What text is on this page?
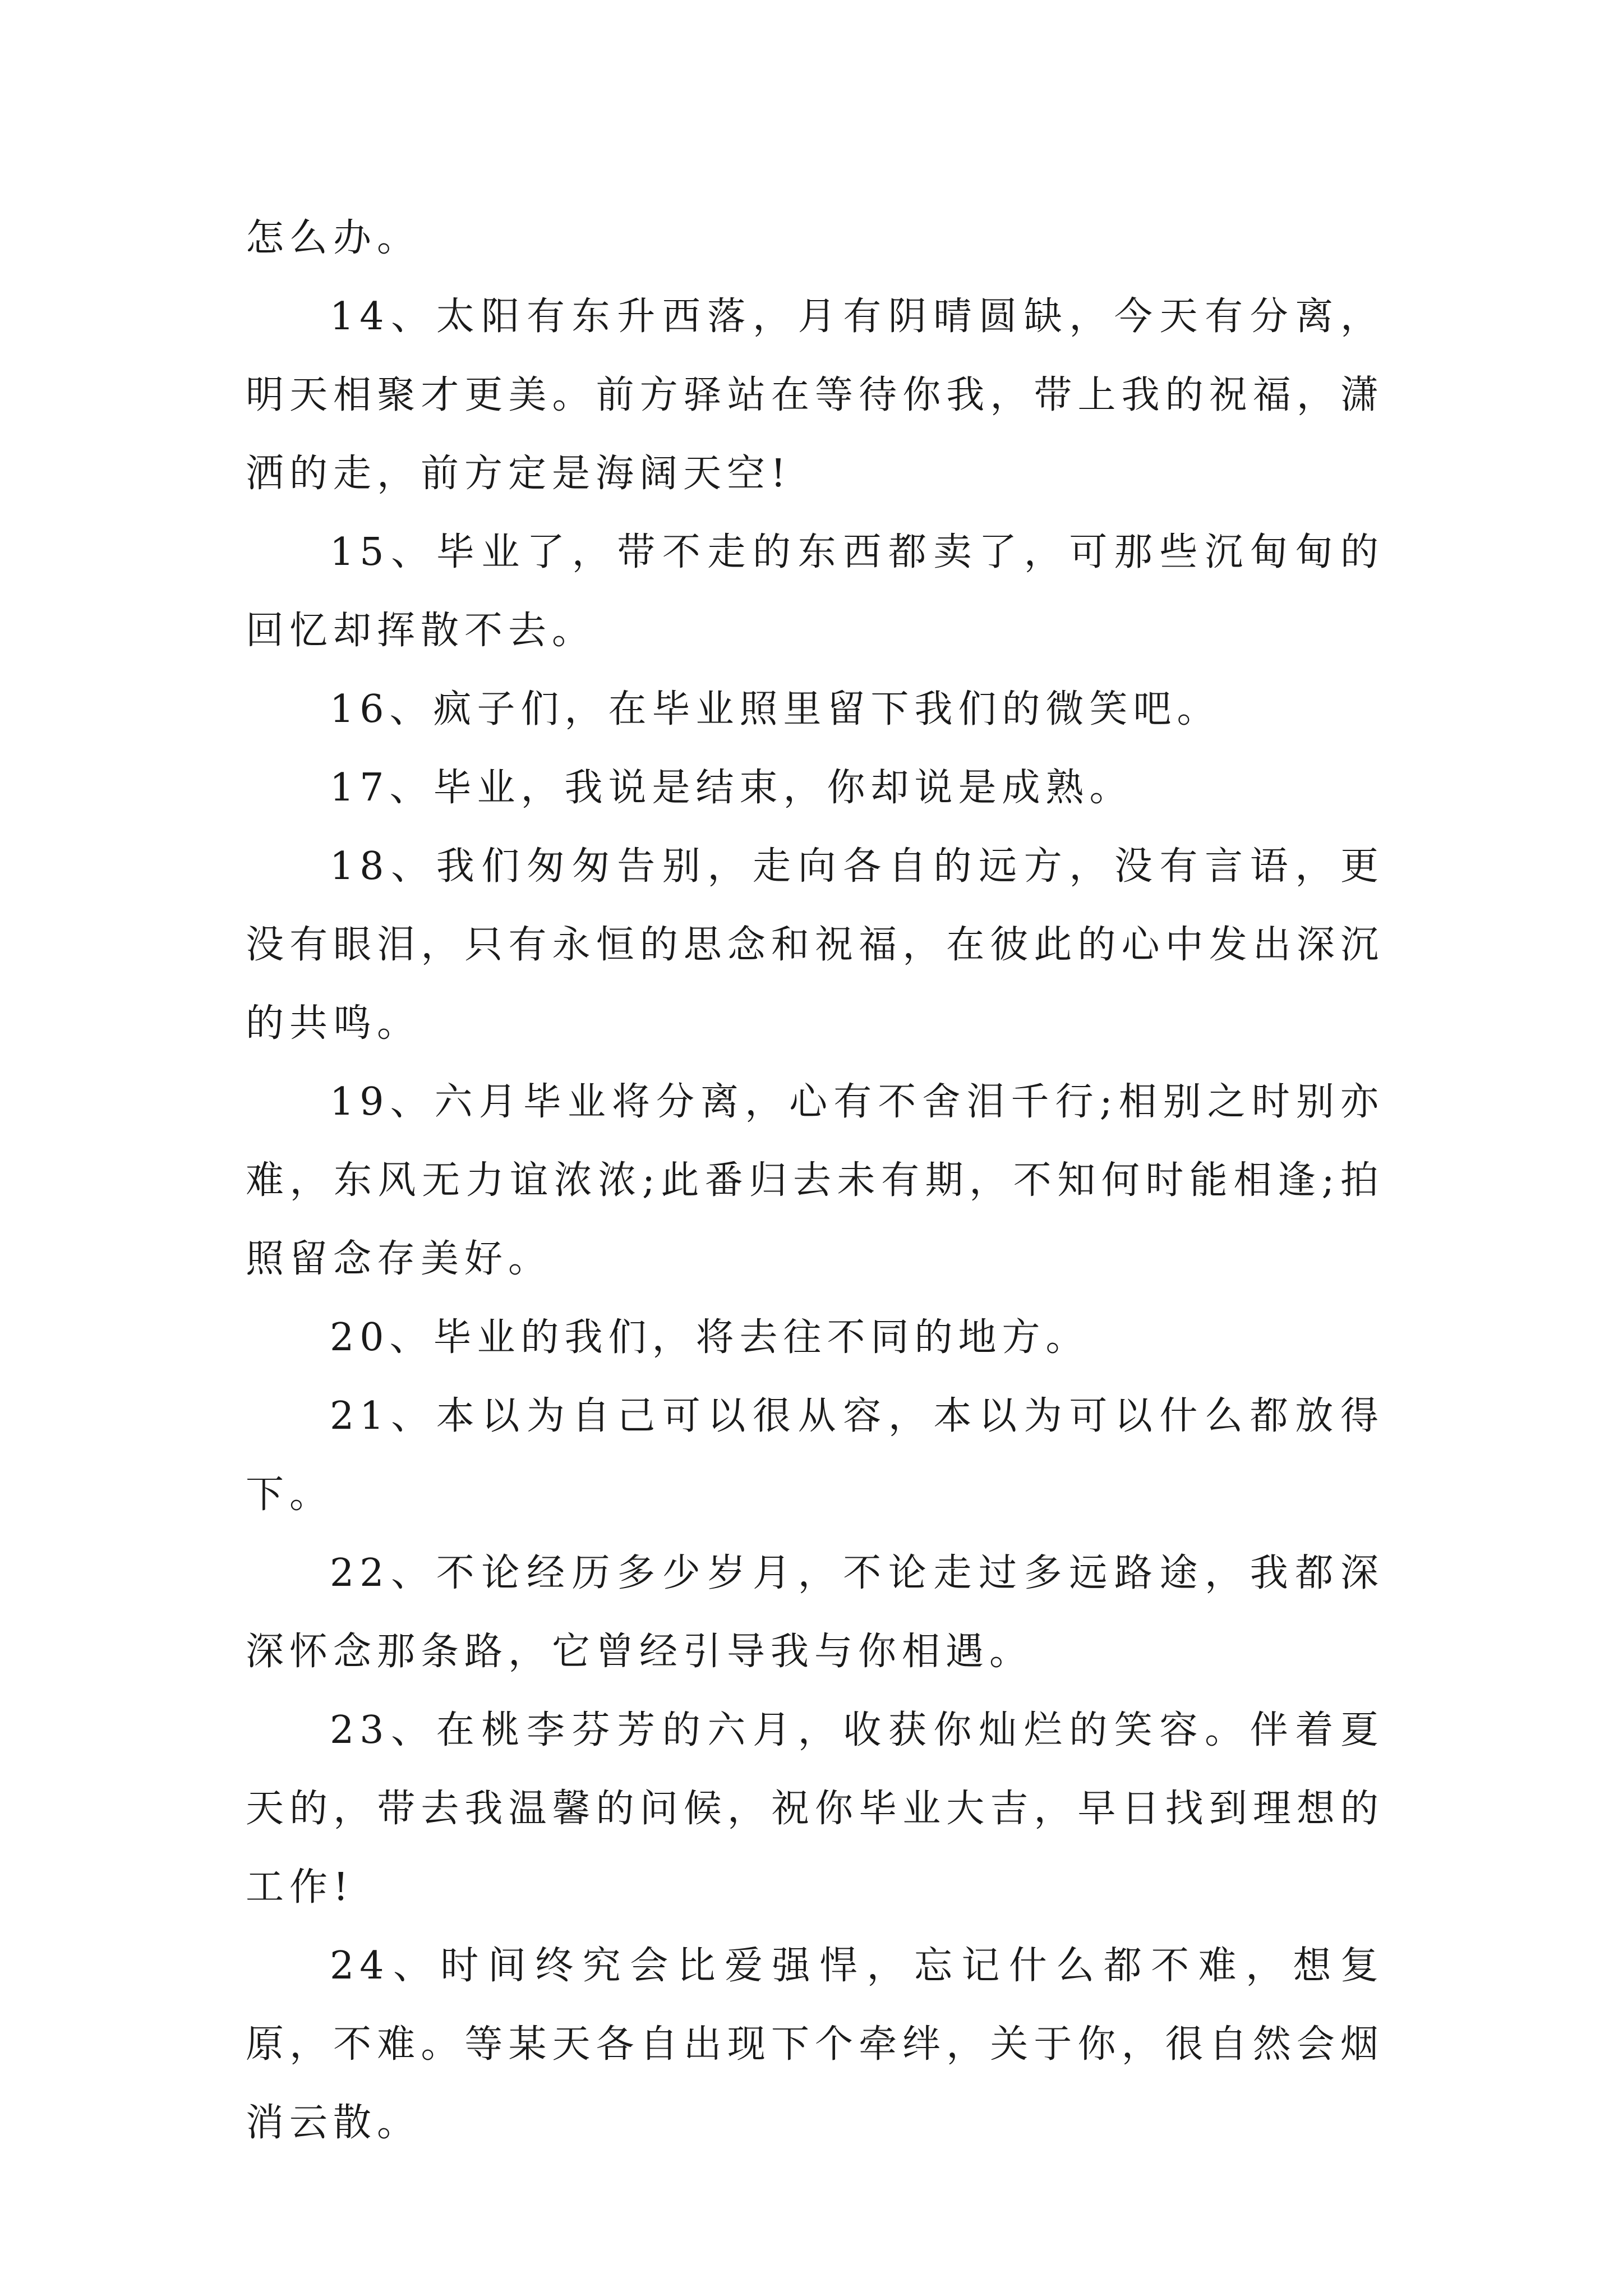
怎么办。

14、太阳有东升西落，月有阴晴圆缺，今天有分离，明天相聚才更美。前方驿站在等待你我，带上我的祝福，潇洒的走，前方定是海阔天空!

15、毕业了，带不走的东西都卖了，可那些沉甸甸的回忆却挥散不去。

16、疯子们，在毕业照里留下我们的微笑吧。

17、毕业，我说是结束，你却说是成熟。

18、我们匆匆告别，走向各自的远方，没有言语，更没有眼泪，只有永恒的思念和祝福，在彼此的心中发出深沉的共鸣。

19、六月毕业将分离，心有不舍泪千行;相别之时别亦难，东风无力谊浓浓;此番归去未有期，不知何时能相逢;拍照留念存美好。

20、毕业的我们，将去往不同的地方。

21、本以为自己可以很从容，本以为可以什么都放得下。

22、不论经历多少岁月，不论走过多远路途，我都深深怀念那条路，它曾经引导我与你相遇。

23、在桃李芬芳的六月，收获你灿烂的笑容。伴着夏天的，带去我温馨的问候，祝你毕业大吉，早日找到理想的工作!

24、时间终究会比爱强悍，忘记什么都不难，想复原，不难。等某天各自出现下个牵绊，关于你，很自然会烟消云散。
